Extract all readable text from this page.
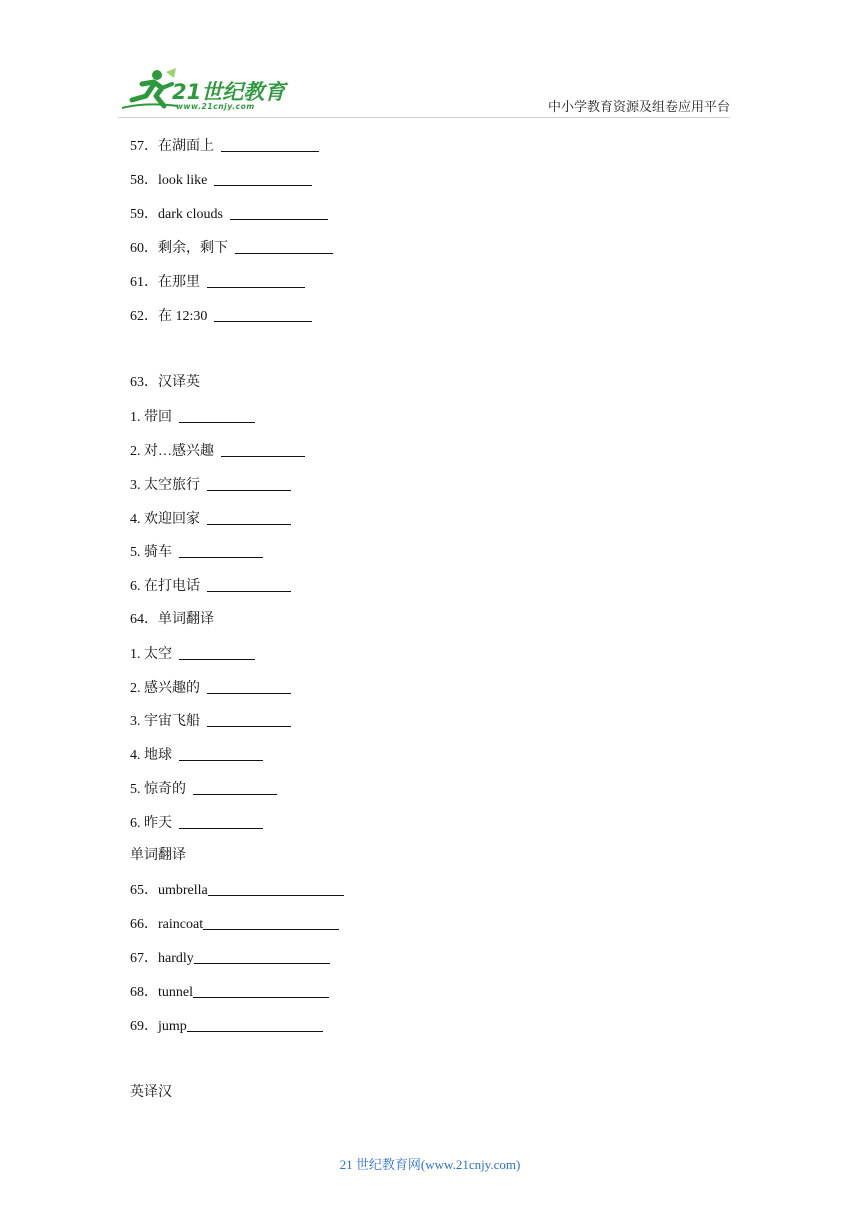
21世纪教育
www.21cnjy.com	中小学教育资源及组卷应用平台
57．在湖面上
58．look like
59．dark clouds
60．剩余，剩下
61．在那里
62．在 12:30
63．汉译英
1. 带回
2. 对…感兴趣
3. 太空旅行
4. 欢迎回家
5. 骑车
6. 在打电话
64．单词翻译
1. 太空
2. 感兴趣的
3. 宇宙飞船
4. 地球
5. 惊奇的
6. 昨天
单词翻译
65．umbrella
66．raincoat
67．hardly
68．tunnel
69．jump
英译汉
21 世纪教育网(www.21cnjy.com)
